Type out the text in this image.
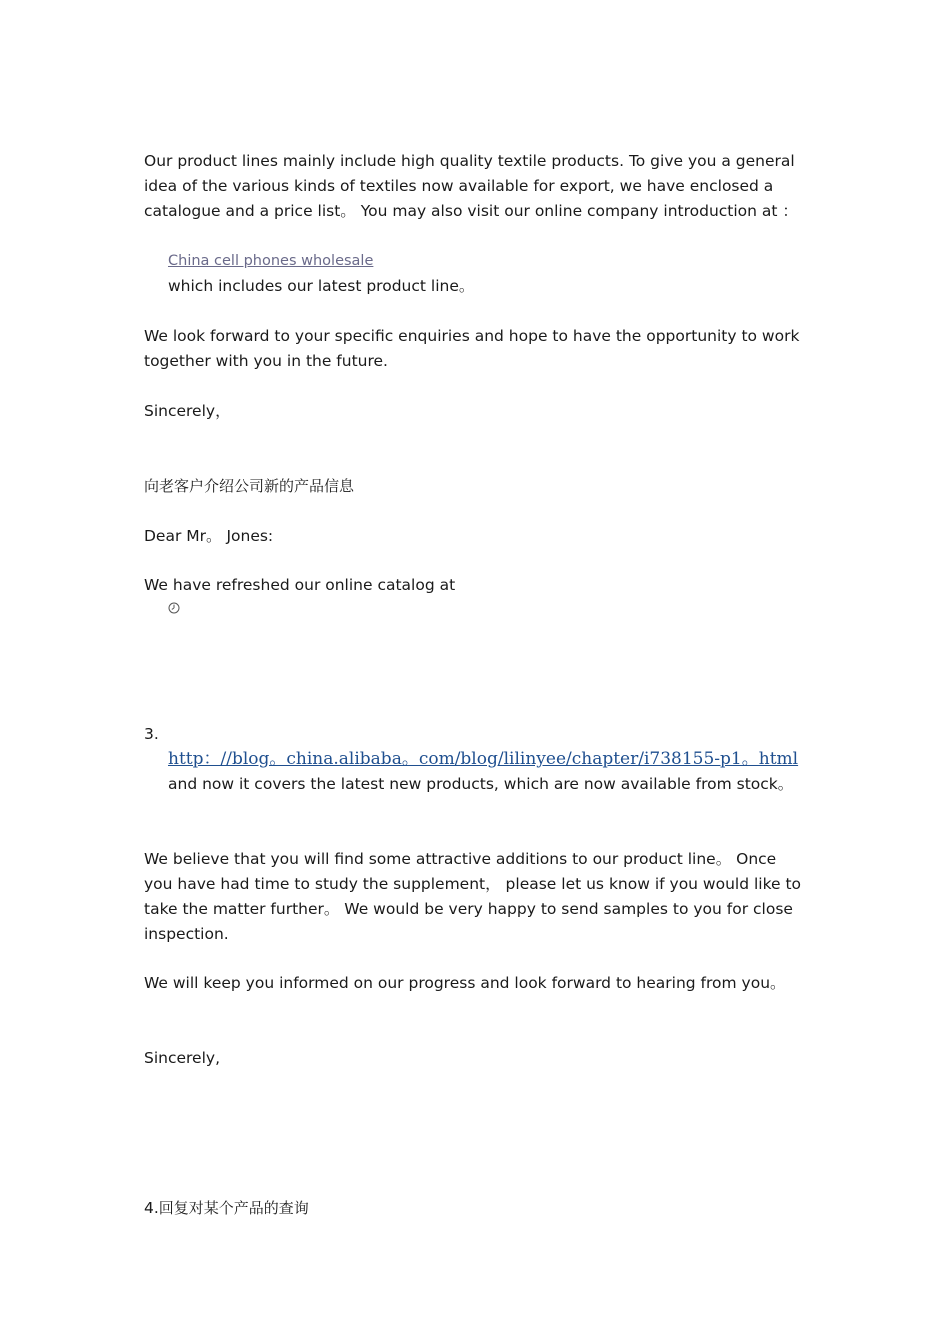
Our product lines mainly include high quality textile products. To give you a general idea of the various kinds of textiles now available for export, we have enclosed a catalogue and a price list。 You may also visit our online company introduction at ：
China cell phones wholesale
which includes our latest product line。
We look forward to your specific enquiries and hope to have the opportunity to work together with you in the future.
Sincerely，
向老客户介绍公司新的产品信息
Dear Mr。 Jones:
We have refreshed our online catalog at
3.
http：//blog。china.alibaba。com/blog/lilinyee/chapter/i738155-p1。html
and now it covers the latest new products, which are now available from stock。
We believe that you will find some attractive additions to our product line。 Once you have had time to study the supplement， please let us know if you would like to take the matter further。 We would be very happy to send samples to you for close inspection.
We will keep you informed on our progress and look forward to hearing from you。
Sincerely,
4.回复对某个产品的查询
